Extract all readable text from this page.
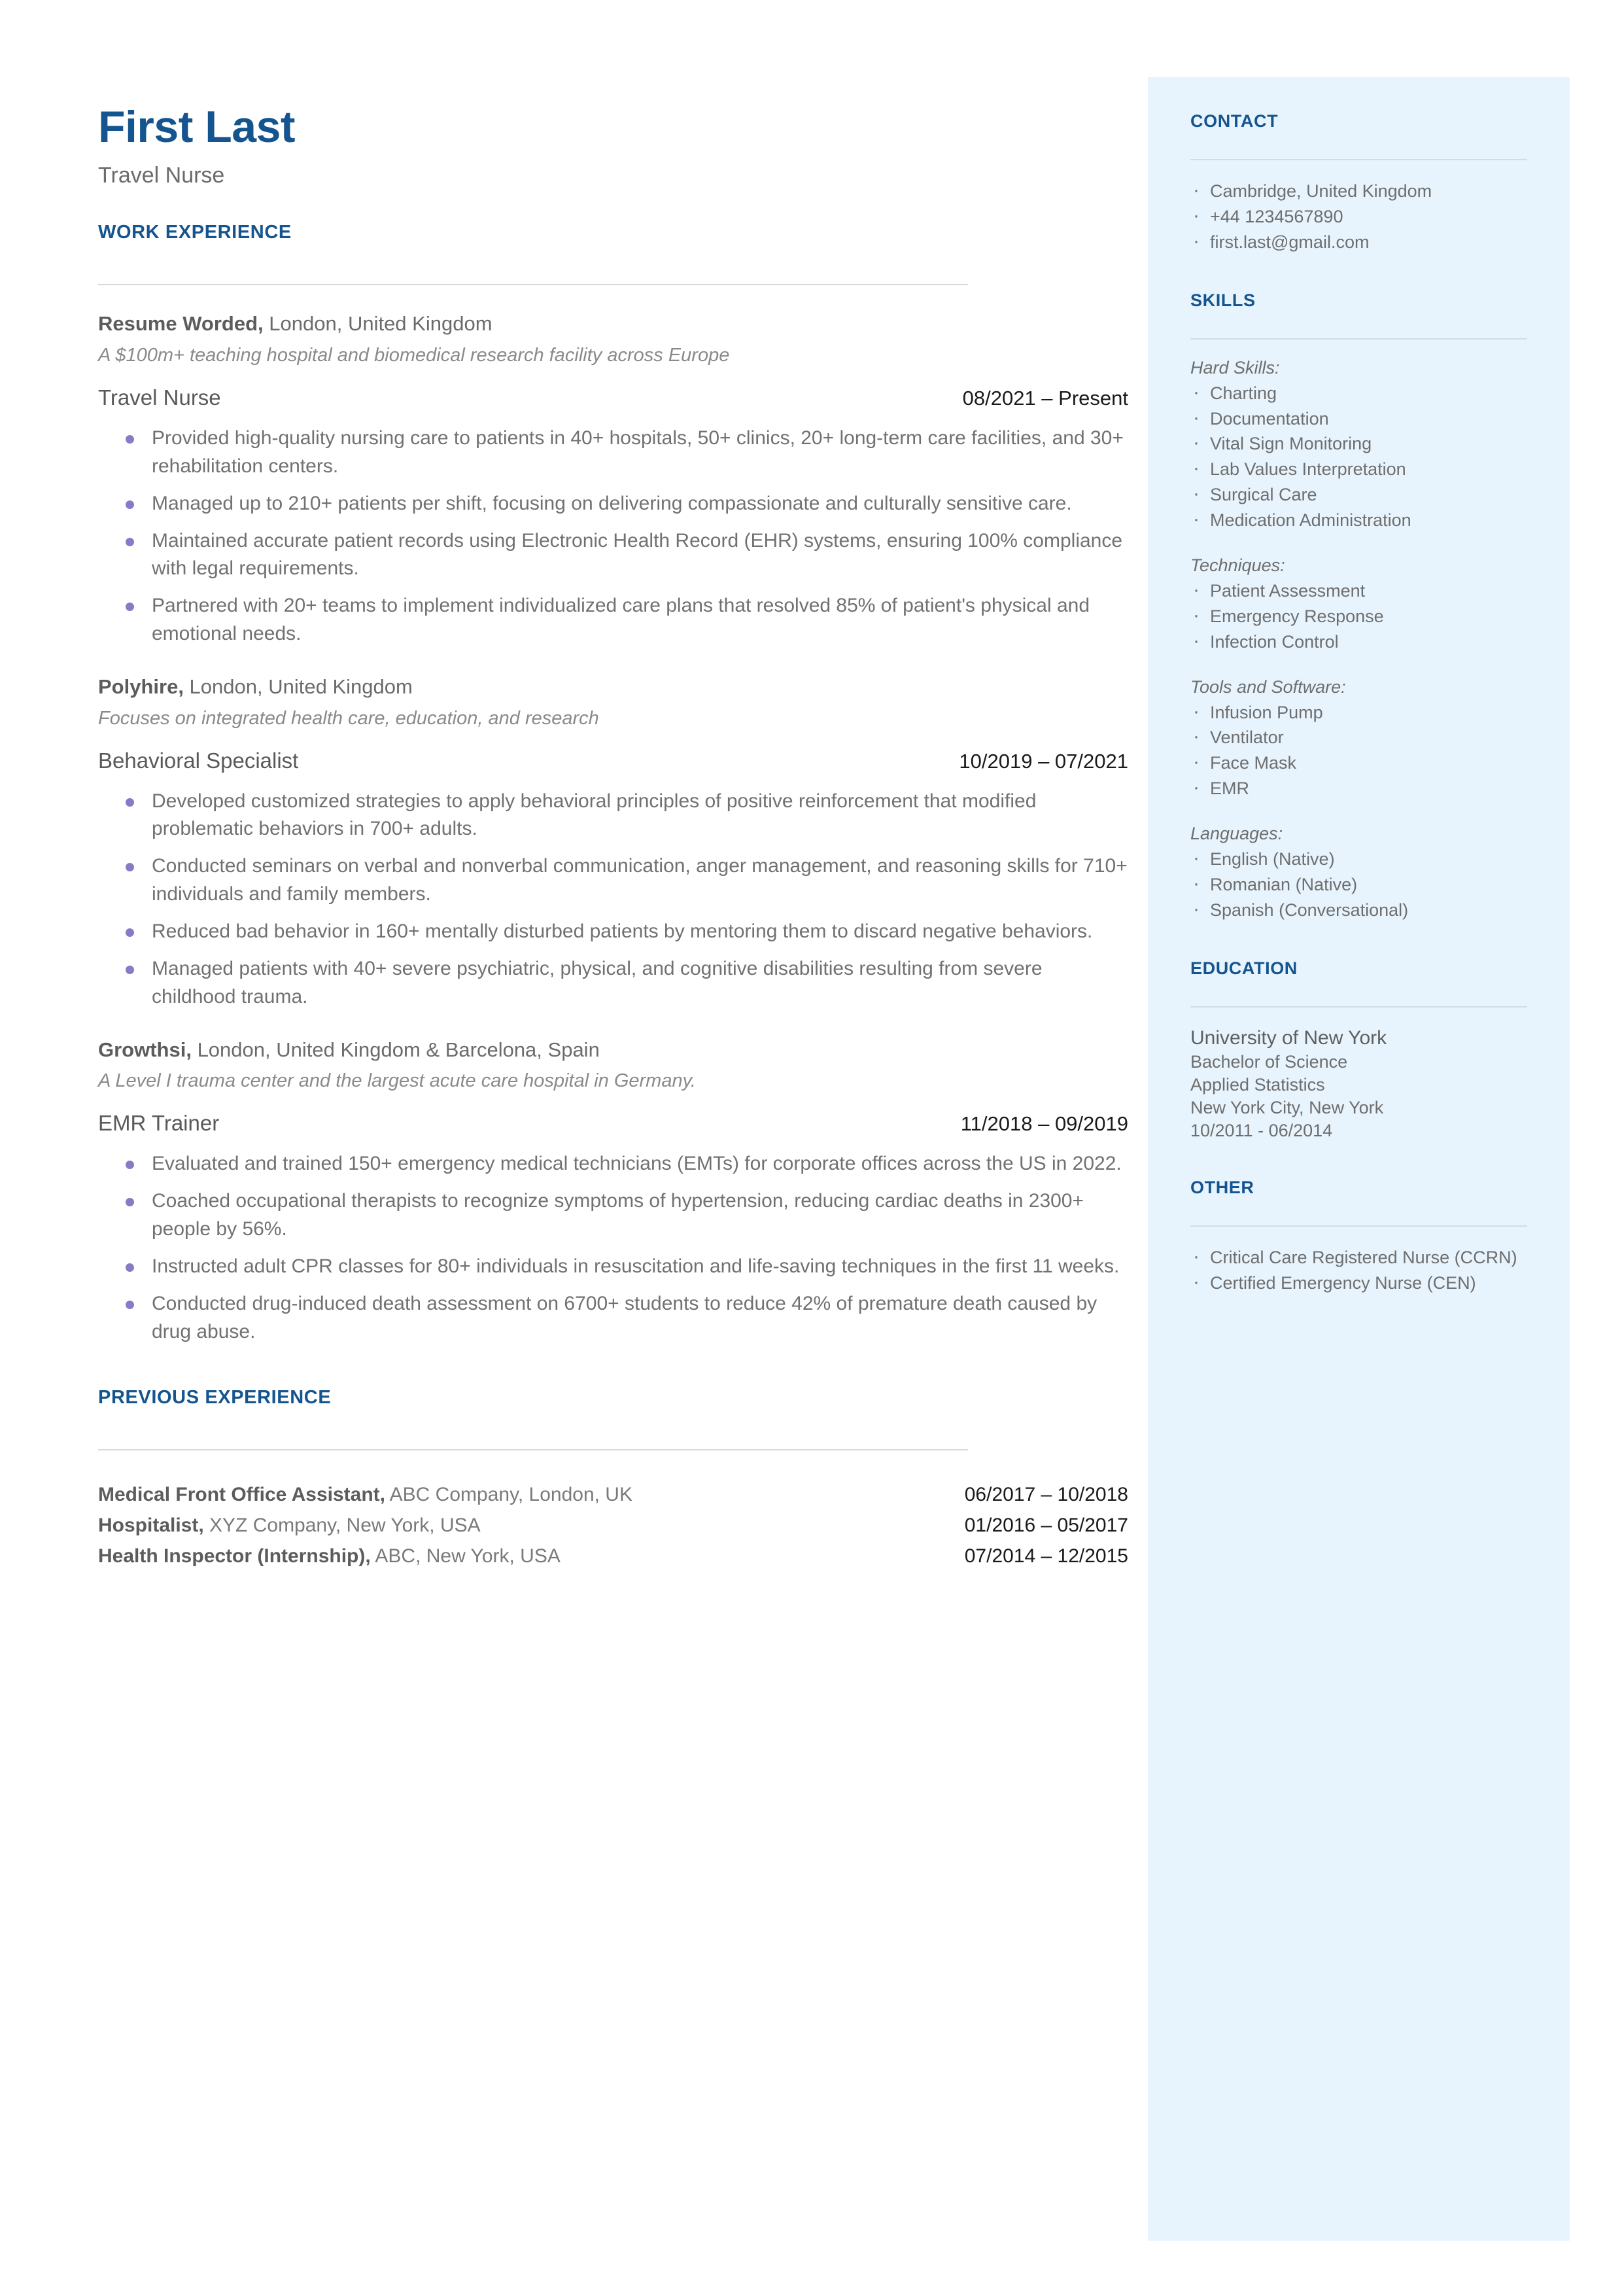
First Last
Travel Nurse
WORK EXPERIENCE
Resume Worded, London, United Kingdom
A $100m+ teaching hospital and biomedical research facility across Europe
Travel Nurse	08/2021 – Present
Provided high-quality nursing care to patients in 40+ hospitals, 50+ clinics, 20+ long-term care facilities, and 30+ rehabilitation centers.
Managed up to 210+ patients per shift, focusing on delivering compassionate and culturally sensitive care.
Maintained accurate patient records using Electronic Health Record (EHR) systems, ensuring 100% compliance with legal requirements.
Partnered with 20+ teams to implement individualized care plans that resolved 85% of patient's physical and emotional needs.
Polyhire, London, United Kingdom
Focuses on integrated health care, education, and research
Behavioral Specialist	10/2019 – 07/2021
Developed customized strategies to apply behavioral principles of positive reinforcement that modified problematic behaviors in 700+ adults.
Conducted seminars on verbal and nonverbal communication, anger management, and reasoning skills for 710+ individuals and family members.
Reduced bad behavior in 160+ mentally disturbed patients by mentoring them to discard negative behaviors.
Managed patients with 40+ severe psychiatric, physical, and cognitive disabilities resulting from severe childhood trauma.
Growthsi, London, United Kingdom & Barcelona, Spain
A Level I trauma center and the largest acute care hospital in Germany.
EMR Trainer	11/2018 – 09/2019
Evaluated and trained 150+ emergency medical technicians (EMTs) for corporate offices across the US in 2022.
Coached occupational therapists to recognize symptoms of hypertension, reducing cardiac deaths in 2300+ people by 56%.
Instructed adult CPR classes for 80+ individuals in resuscitation and life-saving techniques in the first 11 weeks.
Conducted drug-induced death assessment on 6700+ students to reduce 42% of premature death caused by drug abuse.
PREVIOUS EXPERIENCE
Medical Front Office Assistant, ABC Company, London, UK	06/2017 – 10/2018
Hospitalist, XYZ Company, New York, USA	01/2016 – 05/2017
Health Inspector (Internship), ABC, New York, USA	07/2014 – 12/2015
CONTACT
· Cambridge, United Kingdom
· +44 1234567890
· first.last@gmail.com
SKILLS
Hard Skills:
· Charting
· Documentation
· Vital Sign Monitoring
· Lab Values Interpretation
· Surgical Care
· Medication Administration
Techniques:
· Patient Assessment
· Emergency Response
· Infection Control
Tools and Software:
· Infusion Pump
· Ventilator
· Face Mask
· EMR
Languages:
· English (Native)
· Romanian (Native)
· Spanish (Conversational)
EDUCATION
University of New York
Bachelor of Science
Applied Statistics
New York City, New York
10/2011 - 06/2014
OTHER
· Critical Care Registered Nurse (CCRN)
· Certified Emergency Nurse (CEN)
